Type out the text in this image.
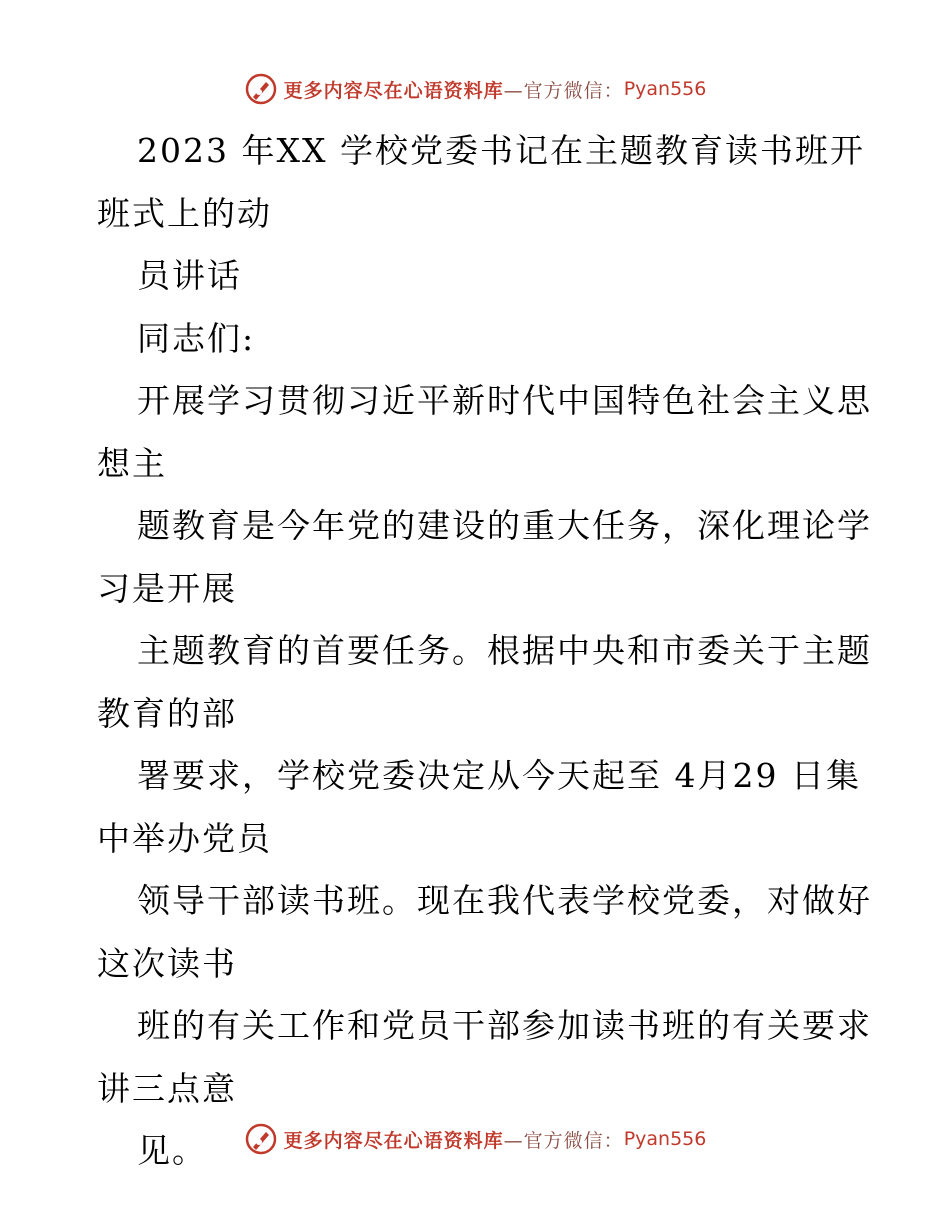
更多内容尽在心语资料库 —官方微信： Pyan556
2023 年XX 学校党委书记在主题教育读书班开
班式上的动
员讲话
同志们:
开展学习贯彻习近平新时代中国特色社会主义思
想主
题教育是今年党的建设的重大任务，深化理论学
习是开展
主题教育的首要任务。根据中央和市委关于主题
教育的部
署要求，学校党委决定从今天起至 4月29 日集
中举办党员
领导干部读书班。现在我代表学校党委，对做好
这次读书
班的有关工作和党员干部参加读书班的有关要求
讲三点意
见。	更多内容尽在心语资料库 —官方微信： Pyan556
